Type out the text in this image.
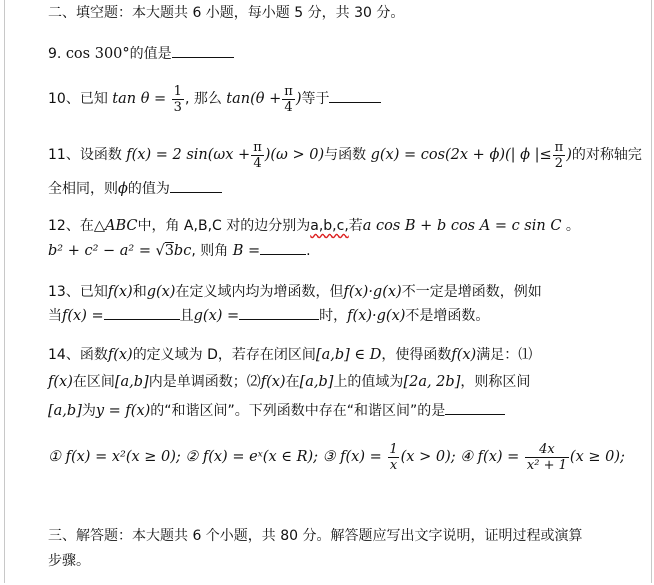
二、填空题：本大题共 6 小题，每小题 5 分，共 30 分。
9. cos 300°的值是
10、已知 $\tan \theta = \frac{1}{3}$ , 那么 $\tan(\theta + \frac{\pi}{4}$ )等于
11、设函数 f(x) = 2 $\sin(\omega x + \frac{\pi}{4} )(\omega > 0)$与函数 g(x) = cos(2x + ϕ)(| ϕ |≤ $\frac{\pi}{2}$ )的对称轴完
全相同，则ϕ的值为
12、在△ABC中，角 A,B,C 对的边分别为a,b,c,若a cos B + b cos A = c sin C 。
b² + c² − a² = √3bc, 则角 B =	.
13、已知f(x)和g(x)在定义域内均为增函数，但f(x)·g(x)不一定是增函数，例如
当f(x) =	且g(x) =	时，f(x)·g(x)不是增函数。
14、函数f(x)的定义域为 D，若存在闭区间[a,b] ∈ D，使得函数f(x)满足：⑴
f(x)在区间[a,b]内是单调函数；⑵f(x)在[a,b]上的值域为[2a, 2b]，则称区间
[a,b]为y = f(x)的“和谐区间”。下列函数中存在“和谐区间”的是
① f(x) = x²(x ≥ 0); ② f(x) = eˣ(x ∈ R); ③ $f(x) = \frac{1}{x} (x > 0)$; ④ $f(x) = \frac{4x}{\text{x² + 1}} (x \ge 0)$;
三、解答题：本大题共 6 个小题，共 80 分。解答题应写出文字说明，证明过程或演算
步骤。
